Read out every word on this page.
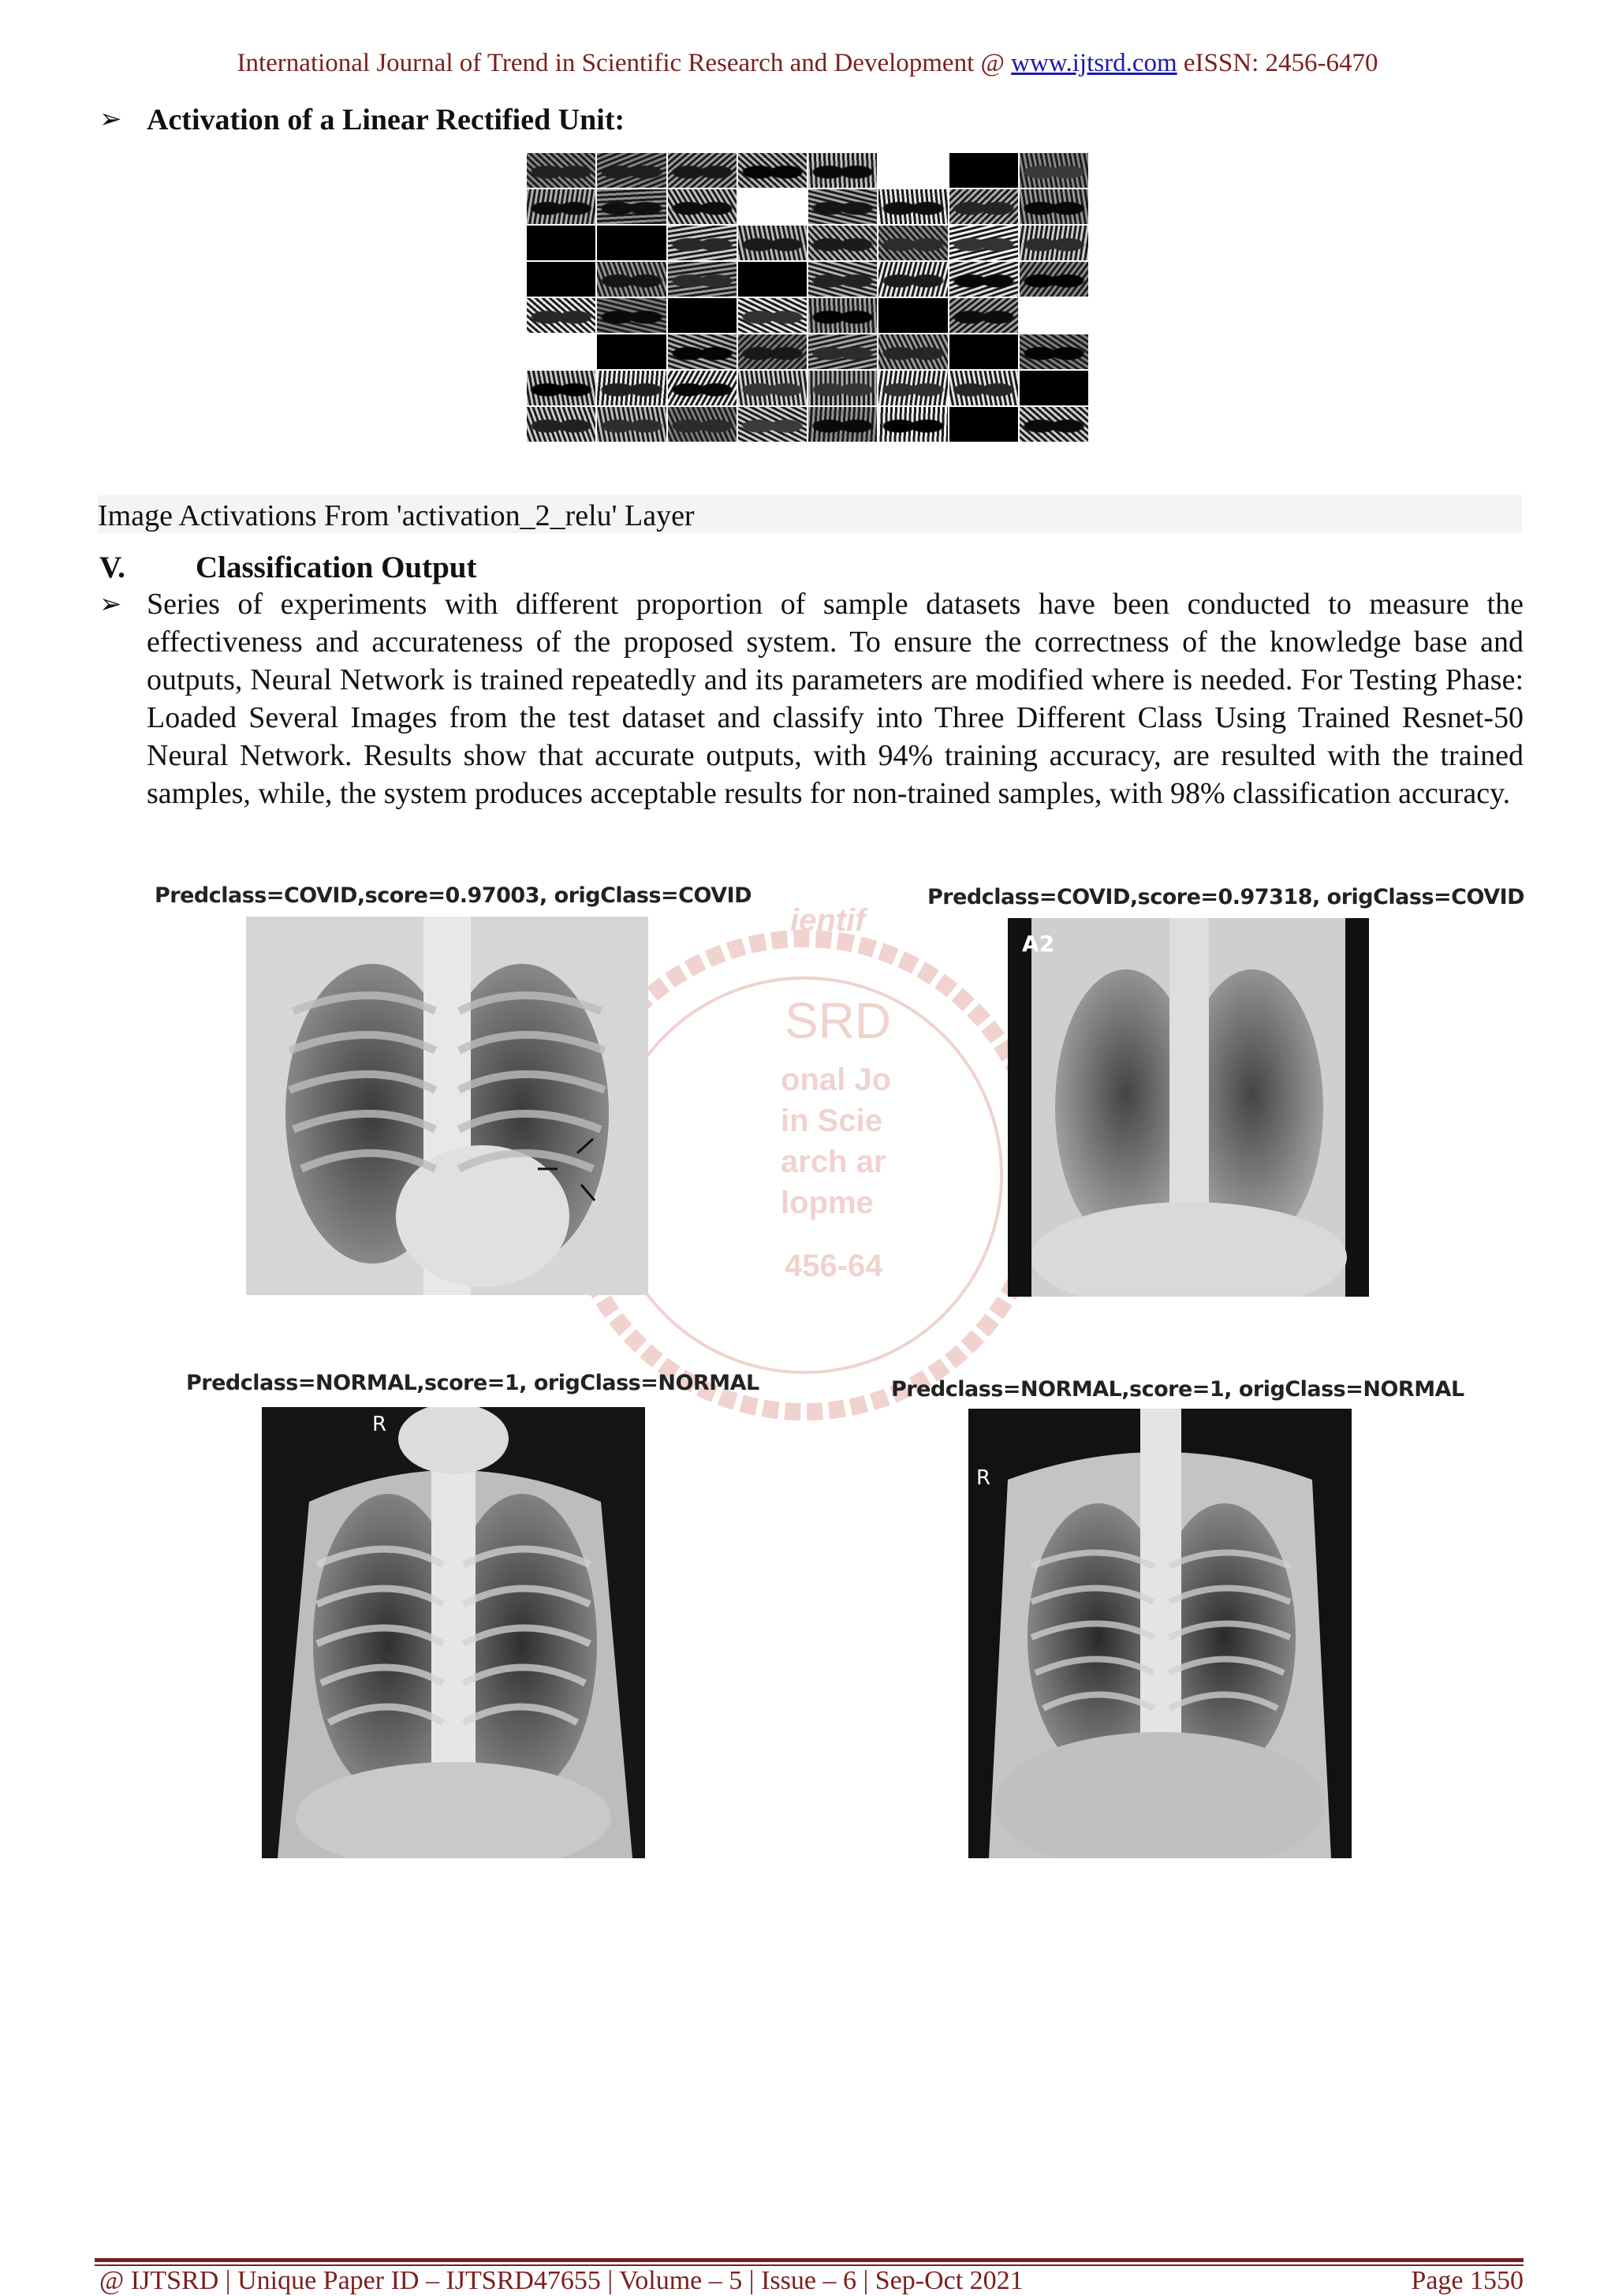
International Journal of Trend in Scientific Research and Development @ www.ijtsrd.com eISSN: 2456-6470
➢ Activation of a Linear Rectified Unit:
Image Activations From 'activation_2_relu' Layer
V. Classification Output
➢ Series of experiments with different proportion of sample datasets have been conducted to measure the effectiveness and accurateness of the proposed system. To ensure the correctness of the knowledge base and outputs, Neural Network is trained repeatedly and its parameters are modified where is needed. For Testing Phase: Loaded Several Images from the test dataset and classify into Three Different Class Using Trained Resnet-50 Neural Network. Results show that accurate outputs, with 94% training accuracy, are resulted with the trained samples, while, the system produces acceptable results for non-trained samples, with 98% classification accuracy.
ientif
SRD
onal Jo
in Scie
arch ar
lopme
456-64
Predclass=COVID,score=0.97003, origClass=COVID	Predclass=COVID,score=0.97318, origClass=COVID
A2
Predclass=NORMAL,score=1, origClass=NORMAL
R
Predclass=NORMAL,score=1, origClass=NORMAL
R
@ IJTSRD | Unique Paper ID – IJTSRD47655 | Volume – 5 | Issue – 6 | Sep-Oct 2021	Page 1550
